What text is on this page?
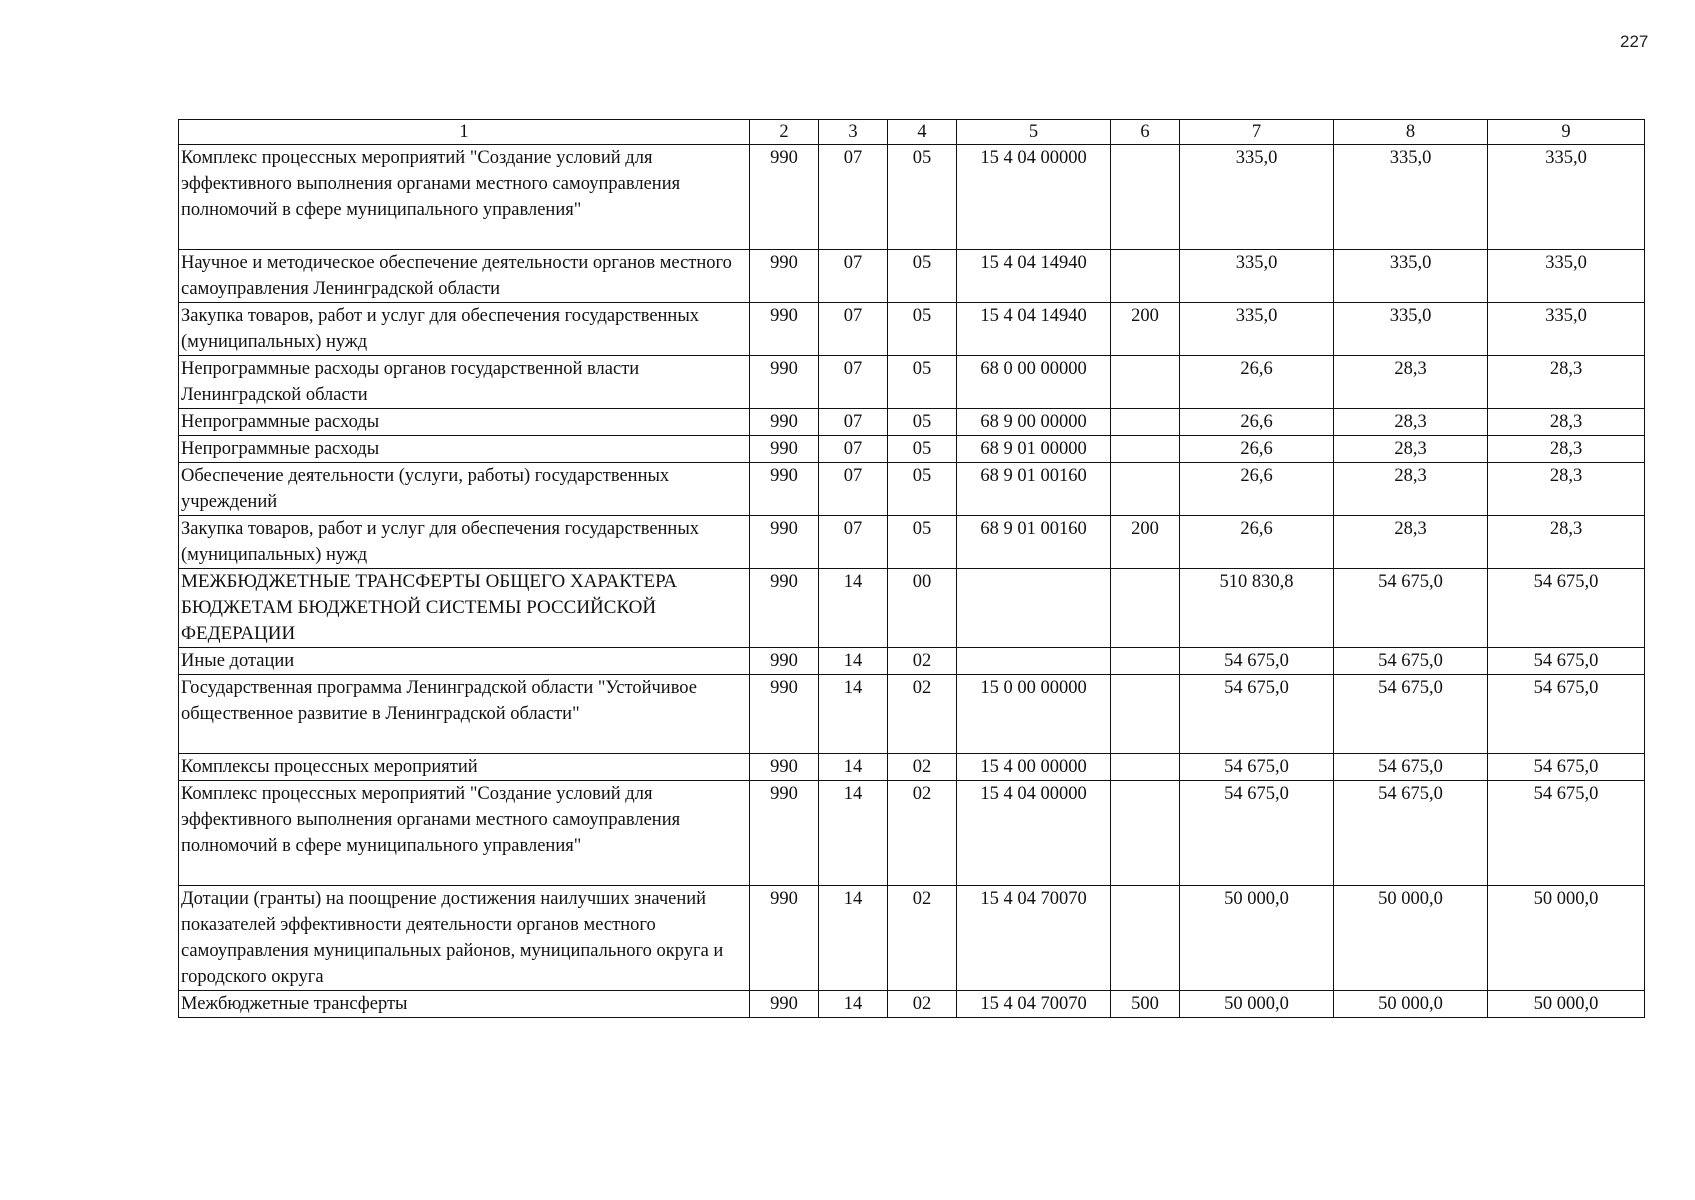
227
1	2	3	4	5	6	7	8	9
Комплекс процессных мероприятий "Создание условий для эффективного выполнения органами местного самоуправления полномочий в сфере муниципального управления"	990	07	05	15 4 04 00000		335,0	335,0	335,0
Научное и методическое обеспечение деятельности органов местного самоуправления Ленинградской области	990	07	05	15 4 04 14940		335,0	335,0	335,0
Закупка товаров, работ и услуг для обеспечения государственных (муниципальных) нужд	990	07	05	15 4 04 14940	200	335,0	335,0	335,0
Непрограммные расходы органов государственной власти Ленинградской области	990	07	05	68 0 00 00000		26,6	28,3	28,3
Непрограммные расходы	990	07	05	68 9 00 00000		26,6	28,3	28,3
Непрограммные расходы	990	07	05	68 9 01 00000		26,6	28,3	28,3
Обеспечение деятельности (услуги, работы) государственных учреждений	990	07	05	68 9 01 00160		26,6	28,3	28,3
Закупка товаров, работ и услуг для обеспечения государственных (муниципальных) нужд	990	07	05	68 9 01 00160	200	26,6	28,3	28,3
МЕЖБЮДЖЕТНЫЕ ТРАНСФЕРТЫ ОБЩЕГО ХАРАКТЕРА БЮДЖЕТАМ БЮДЖЕТНОЙ СИСТЕМЫ РОССИЙСКОЙ ФЕДЕРАЦИИ	990	14	00			510 830,8	54 675,0	54 675,0
Иные дотации	990	14	02			54 675,0	54 675,0	54 675,0
Государственная программа Ленинградской области "Устойчивое общественное развитие в Ленинградской области"	990	14	02	15 0 00 00000		54 675,0	54 675,0	54 675,0
Комплексы процессных мероприятий	990	14	02	15 4 00 00000		54 675,0	54 675,0	54 675,0
Комплекс процессных мероприятий "Создание условий для эффективного выполнения органами местного самоуправления полномочий в сфере муниципального управления"	990	14	02	15 4 04 00000		54 675,0	54 675,0	54 675,0
Дотации (гранты) на поощрение достижения наилучших значений показателей эффективности деятельности органов местного самоуправления муниципальных районов, муниципального округа и городского округа	990	14	02	15 4 04 70070		50 000,0	50 000,0	50 000,0
Межбюджетные трансферты	990	14	02	15 4 04 70070	500	50 000,0	50 000,0	50 000,0
